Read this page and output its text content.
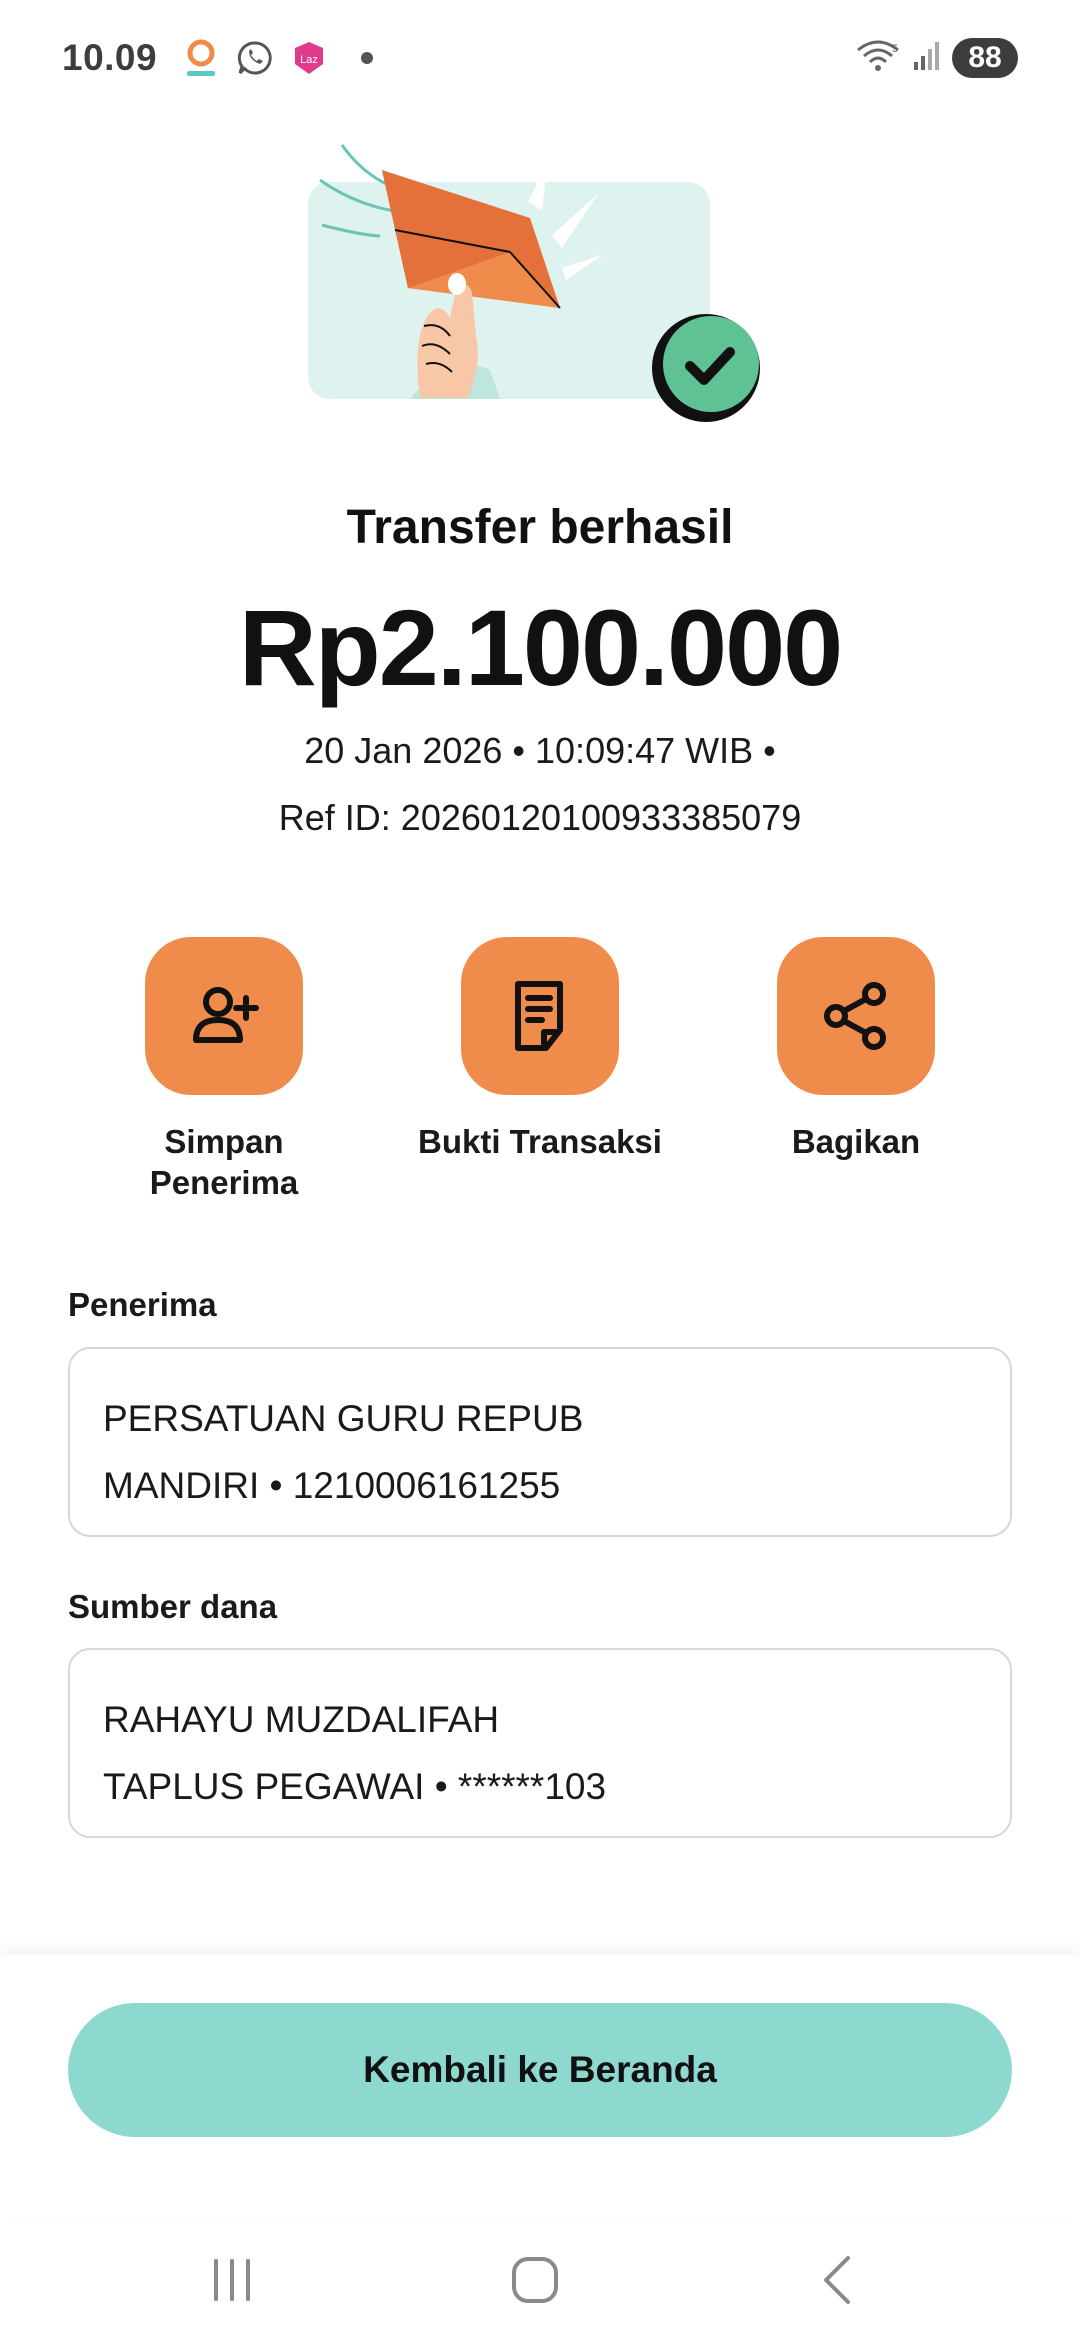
10.09	Laz
5	88
Transfer berhasil
Rp2.100.000
20 Jan 2026 • 10:09:47 WIB •
Ref ID: 20260120100933385079
Simpan
Penerima
Bukti Transaksi	Bagikan
Penerima
PERSATUAN GURU REPUB
MANDIRI • 1210006161255
Sumber dana
RAHAYU MUZDALIFAH
TAPLUS PEGAWAI • ******103
Kembali ke Beranda
